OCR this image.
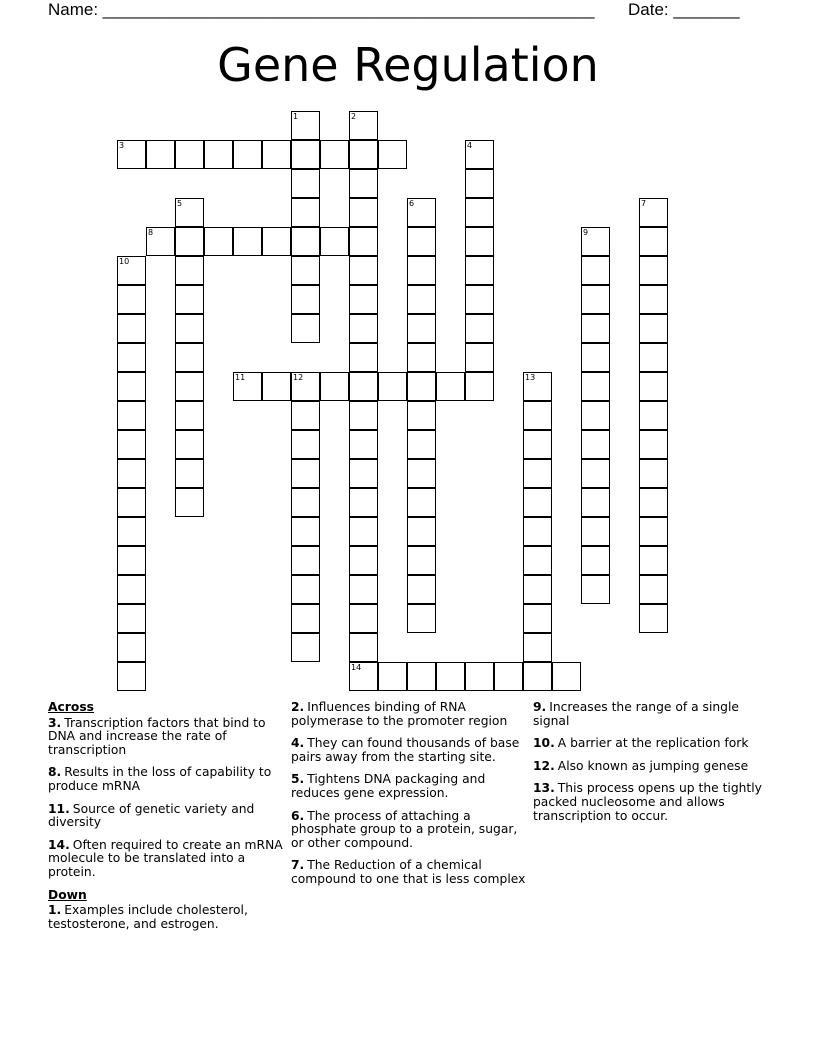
Name: ____________________________________________________ Date: _______
Gene Regulation
1	2
14
3	4
5	6	7
8	9
10
11	12	13
Across
3. Transcription factors that bind to DNA and increase the rate of transcription
8. Results in the loss of capability to produce mRNA
11. Source of genetic variety and diversity
14. Often required to create an mRNA molecule to be translated into a protein.
Down
1. Examples include cholesterol, testosterone, and estrogen.
2. Influences binding of RNA polymerase to the promoter region
4. They can found thousands of base pairs away from the starting site.
5. Tightens DNA packaging and reduces gene expression.
6. The process of attaching a phosphate group to a protein, sugar, or other compound.
7. The Reduction of a chemical compound to one that is less complex
9. Increases the range of a single signal
10. A barrier at the replication fork
12. Also known as jumping genese
13. This process opens up the tightly packed nucleosome and allows transcription to occur.
